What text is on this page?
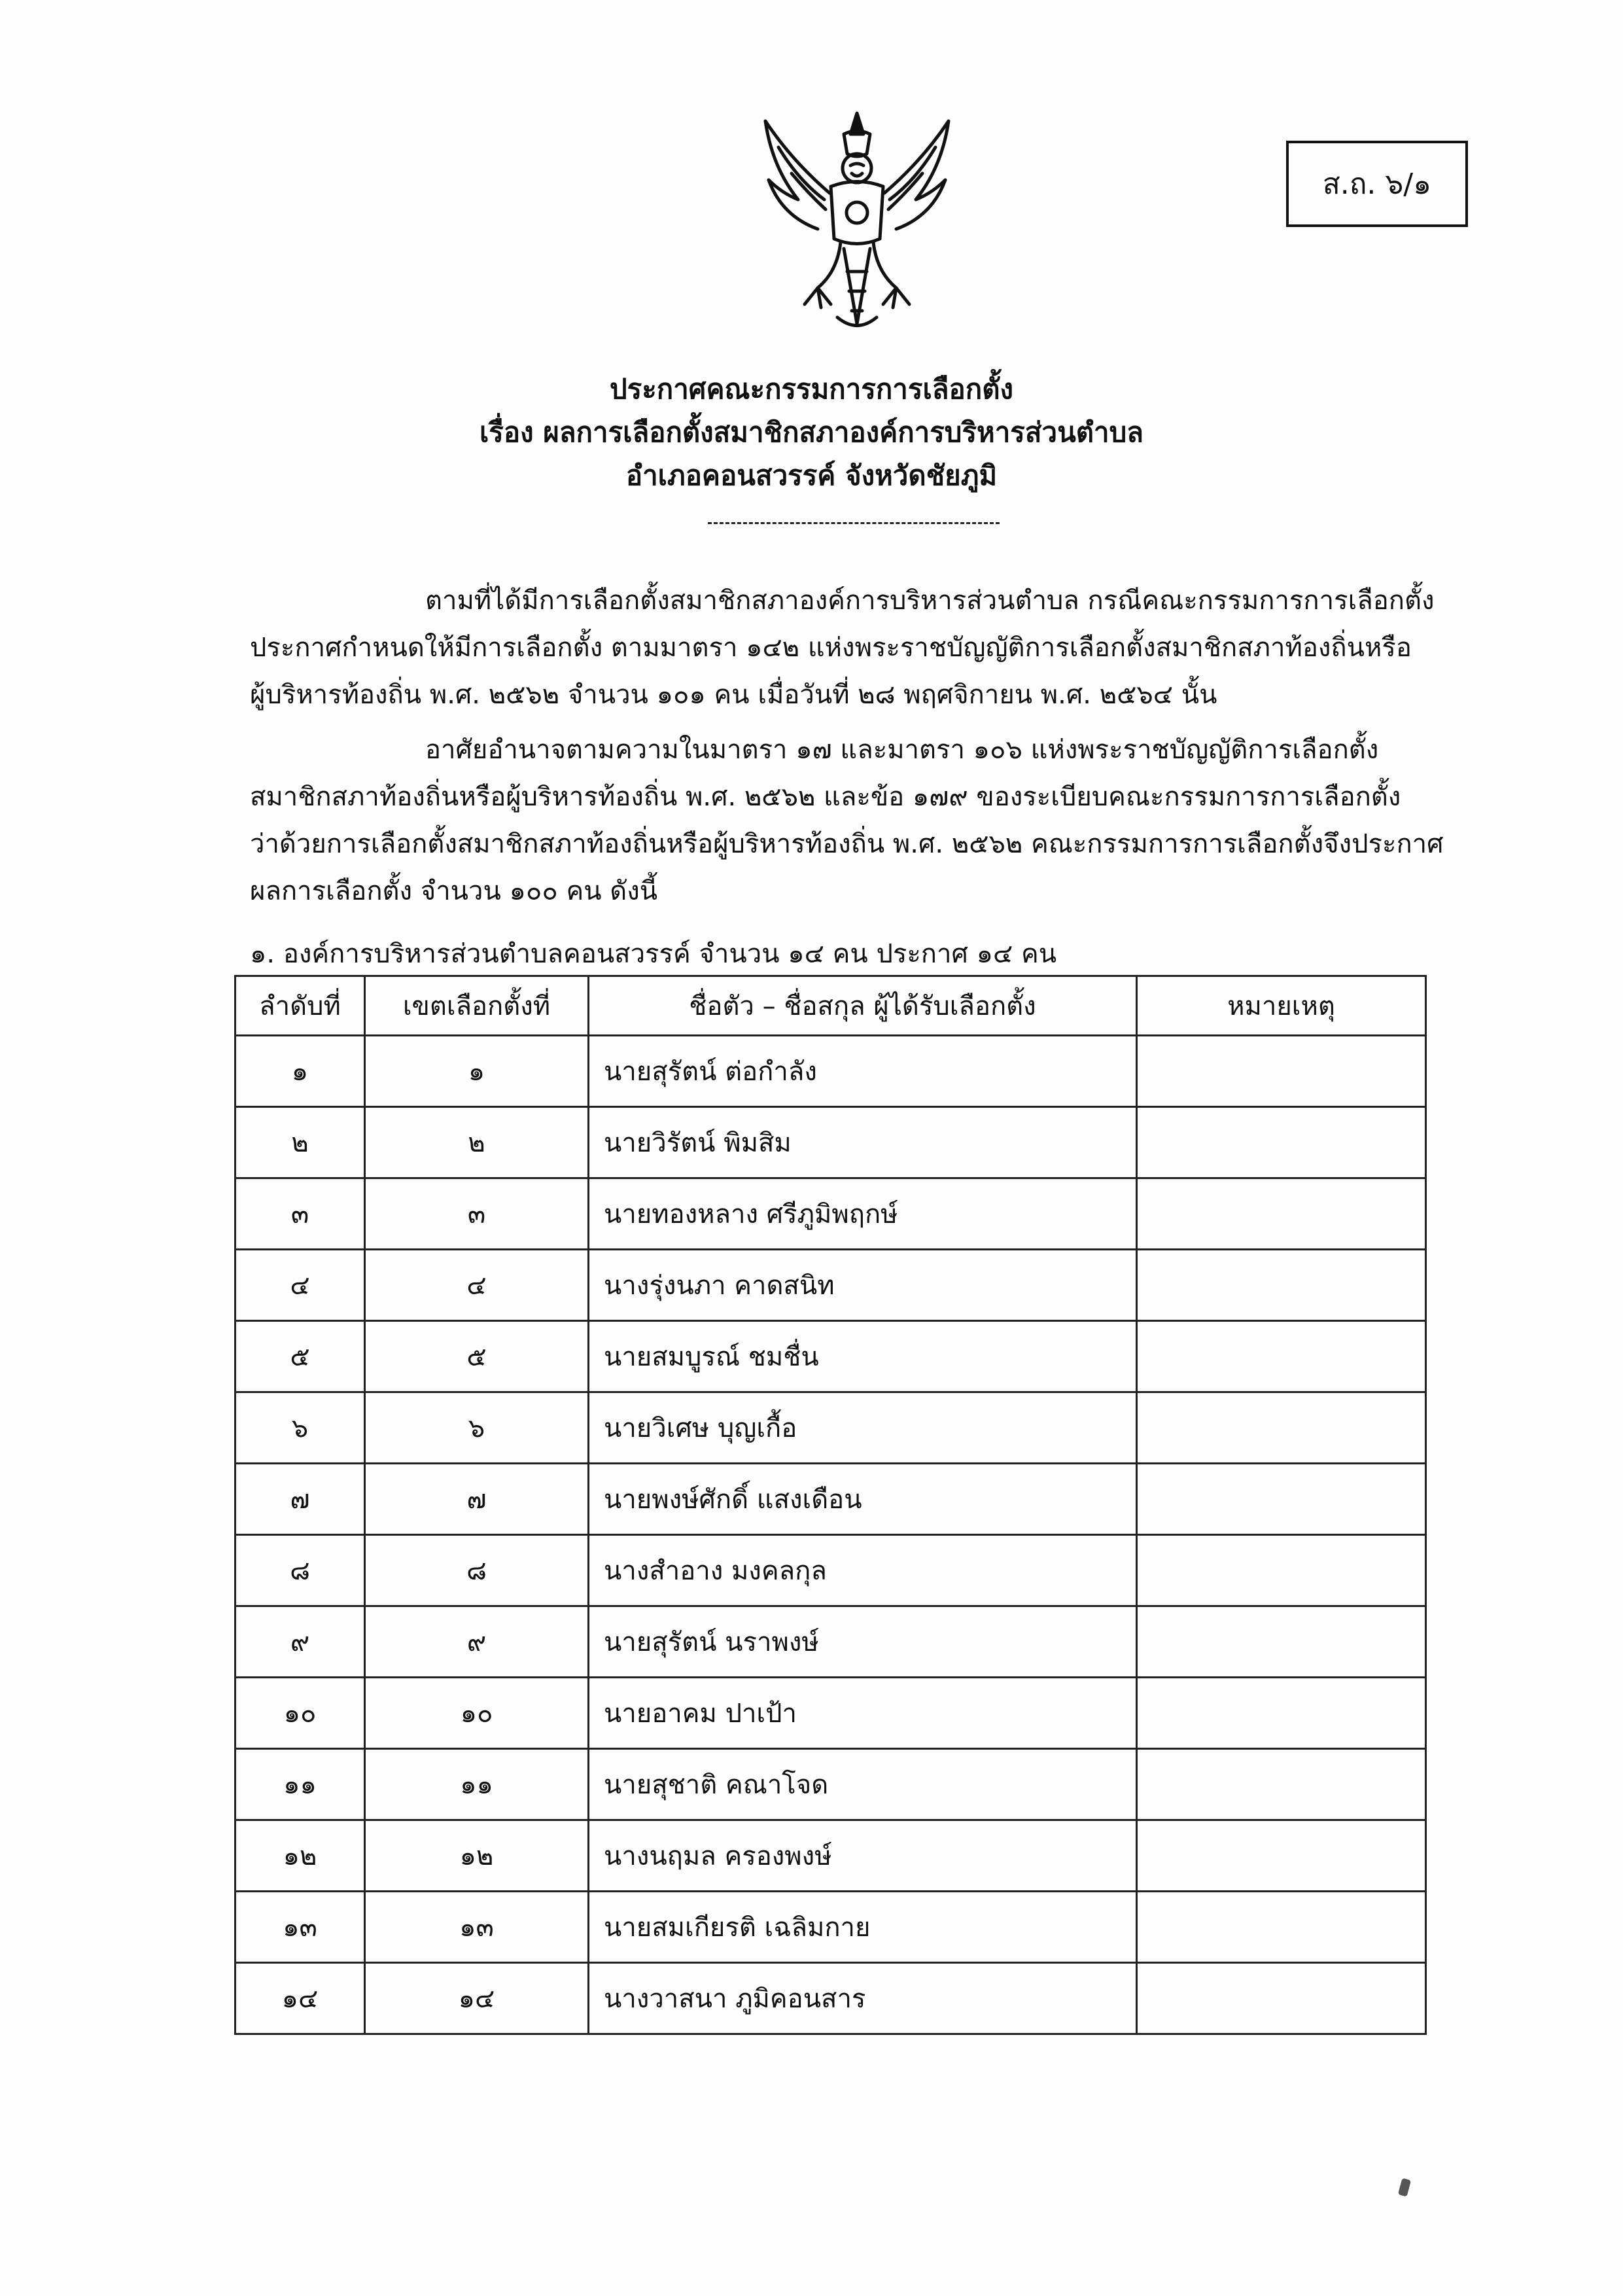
ส.ถ. ๖/๑
ประกาศคณะกรรมการการเลือกตั้ง
เรื่อง ผลการเลือกตั้งสมาชิกสภาองค์การบริหารส่วนตำบล
อำเภอคอนสวรรค์ จังหวัดชัยภูมิ
ตามที่ได้มีการเลือกตั้งสมาชิกสภาองค์การบริหารส่วนตำบล กรณีคณะกรรมการการเลือกตั้ง
ประกาศกำหนดให้มีการเลือกตั้ง ตามมาตรา ๑๔๒ แห่งพระราชบัญญัติการเลือกตั้งสมาชิกสภาท้องถิ่นหรือ
ผู้บริหารท้องถิ่น พ.ศ. ๒๕๖๒ จำนวน ๑๐๑ คน เมื่อวันที่ ๒๘ พฤศจิกายน พ.ศ. ๒๕๖๔ นั้น
อาศัยอำนาจตามความในมาตรา ๑๗ และมาตรา ๑๐๖ แห่งพระราชบัญญัติการเลือกตั้ง
สมาชิกสภาท้องถิ่นหรือผู้บริหารท้องถิ่น พ.ศ. ๒๕๖๒ และข้อ ๑๗๙ ของระเบียบคณะกรรมการการเลือกตั้ง
ว่าด้วยการเลือกตั้งสมาชิกสภาท้องถิ่นหรือผู้บริหารท้องถิ่น พ.ศ. ๒๕๖๒ คณะกรรมการการเลือกตั้งจึงประกาศ
ผลการเลือกตั้ง จำนวน ๑๐๐ คน ดังนี้
๑. องค์การบริหารส่วนตำบลคอนสวรรค์ จำนวน ๑๔ คน ประกาศ ๑๔ คน
ลำดับที่	เขตเลือกตั้งที่	ชื่อตัว – ชื่อสกุล ผู้ได้รับเลือกตั้ง	หมายเหตุ
๑	๑	นายสุรัตน์ ต่อกำลัง	
๒	๒	นายวิรัตน์ พิมสิม	
๓	๓	นายทองหลาง ศรีภูมิพฤกษ์	
๔	๔	นางรุ่งนภา คาดสนิท	
๕	๕	นายสมบูรณ์ ชมชื่น	
๖	๖	นายวิเศษ บุญเกื้อ	
๗	๗	นายพงษ์ศักดิ์ แสงเดือน	
๘	๘	นางสำอาง มงคลกุล	
๙	๙	นายสุรัตน์ นราพงษ์	
๑๐	๑๐	นายอาคม ปาเป้า	
๑๑	๑๑	นายสุชาติ คณาโจด	
๑๒	๑๒	นางนฤมล ครองพงษ์	
๑๓	๑๓	นายสมเกียรติ เฉลิมกาย	
๑๔	๑๔	นางวาสนา ภูมิคอนสาร	
